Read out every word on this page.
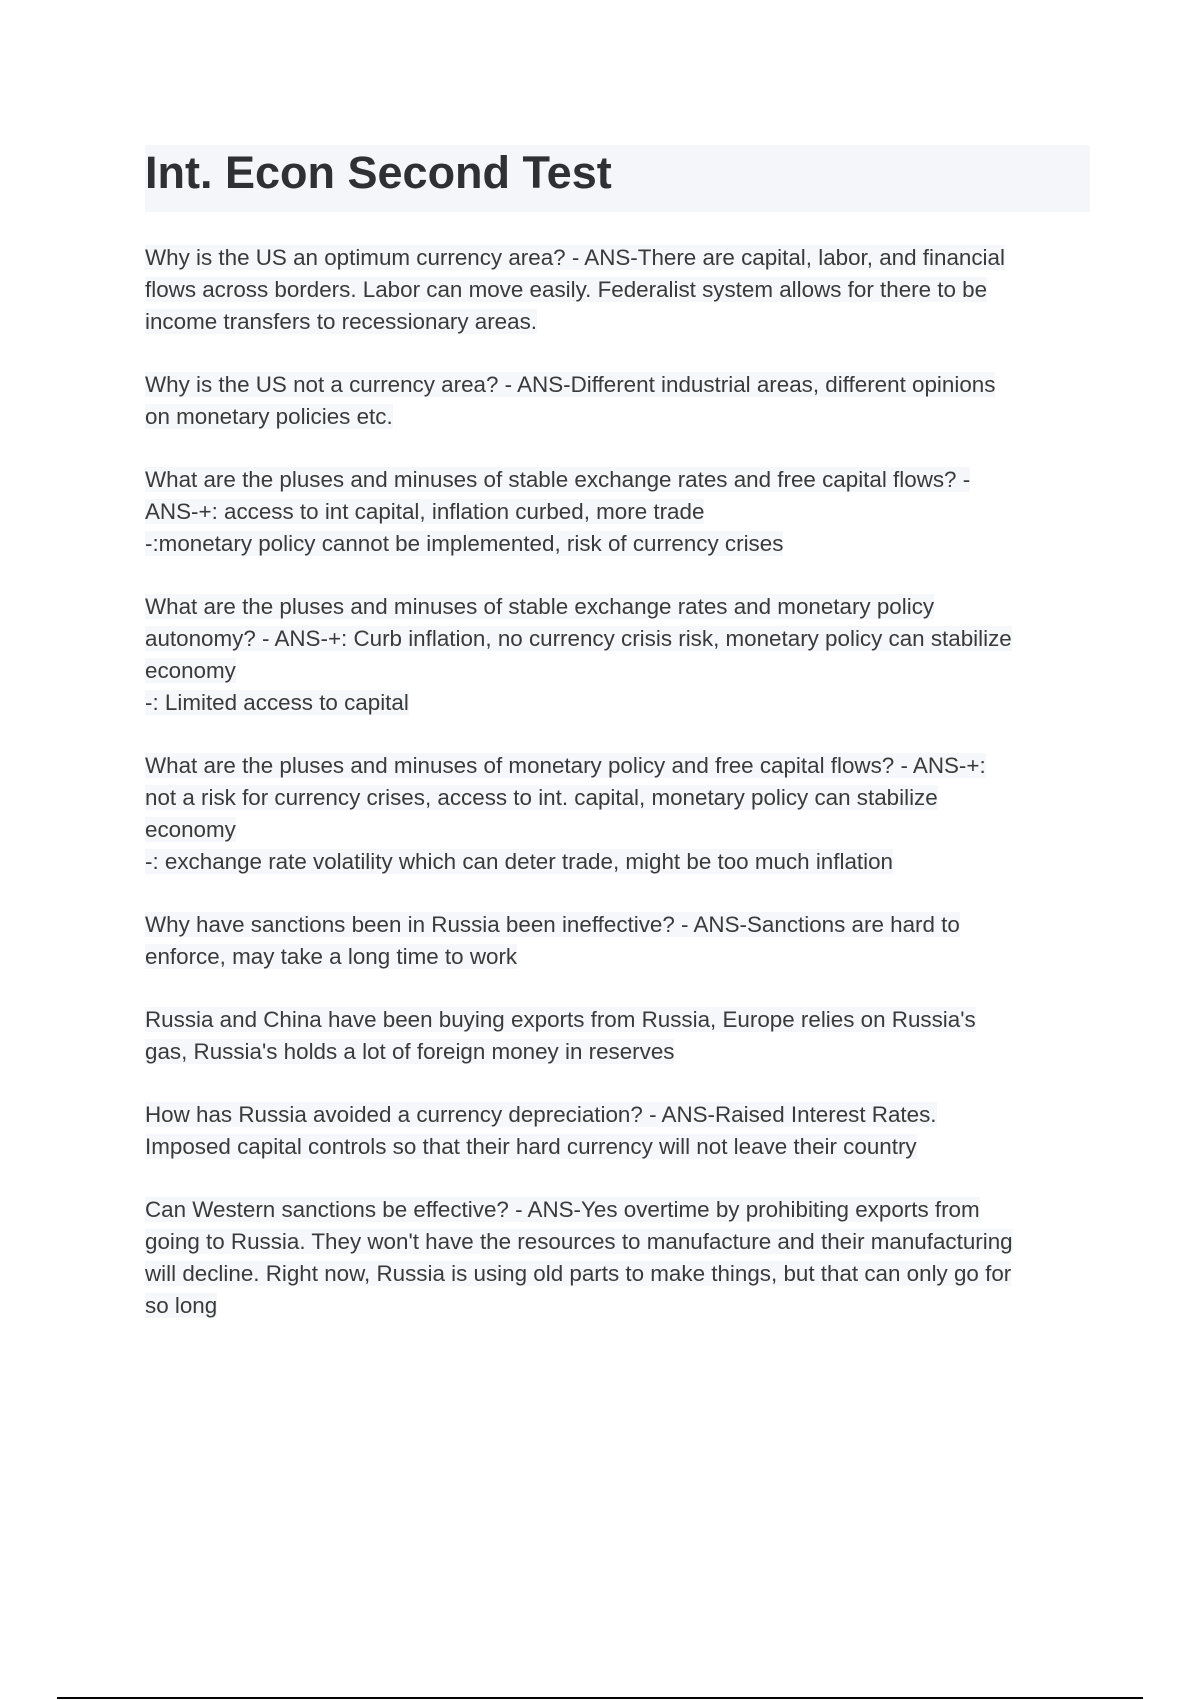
Int. Econ Second Test
Why is the US an optimum currency area? - ANS-There are capital, labor, and financial
flows across borders. Labor can move easily. Federalist system allows for there to be
income transfers to recessionary areas.
Why is the US not a currency area? - ANS-Different industrial areas, different opinions
on monetary policies etc.
What are the pluses and minuses of stable exchange rates and free capital flows? -
ANS-+: access to int capital, inflation curbed, more trade
-:monetary policy cannot be implemented, risk of currency crises
What are the pluses and minuses of stable exchange rates and monetary policy
autonomy? - ANS-+: Curb inflation, no currency crisis risk, monetary policy can stabilize
economy
-: Limited access to capital
What are the pluses and minuses of monetary policy and free capital flows? - ANS-+:
not a risk for currency crises, access to int. capital, monetary policy can stabilize
economy
-: exchange rate volatility which can deter trade, might be too much inflation
Why have sanctions been in Russia been ineffective? - ANS-Sanctions are hard to
enforce, may take a long time to work
Russia and China have been buying exports from Russia, Europe relies on Russia's
gas, Russia's holds a lot of foreign money in reserves
How has Russia avoided a currency depreciation? - ANS-Raised Interest Rates.
Imposed capital controls so that their hard currency will not leave their country
Can Western sanctions be effective? - ANS-Yes overtime by prohibiting exports from
going to Russia. They won't have the resources to manufacture and their manufacturing
will decline. Right now, Russia is using old parts to make things, but that can only go for
so long
